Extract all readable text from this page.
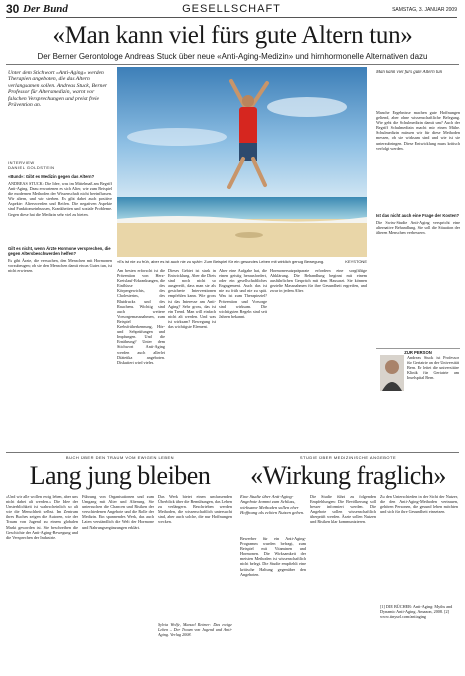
30 Der Bund	GESELLSCHAFT	SAMSTAG, 3. JANUAR 2009
«Man kann viel fürs gute Altern tun»
Der Berner Gerontologe Andreas Stuck über neue «Anti-Aging-Medizin» und hirnhormonelle Alternativen dazu
Unter dem Stichwort «Anti-Aging» werden Therapien angeboten, die das Altern verlangsamen sollen. Andreas Stuck, Berner Professor für Altersmedizin, warnt vor falschen Versprechungen und preist freie Prävention an.
INTERVIEW
DANIEL GOLDSTEIN
«Bund»: Gibt es Medizin gegen das Altern?
ANDREAS STUCK: Die Idee, was im Mittelmaß am Begriff Anti-Aging. Dazu erwartenen es sich Alter, wie zum Beispiel die modernen Methoden der Wissenschaft nicht beeinflussen. Wir altern, und wir sterben. Es gibt dabei auch positive Aspekte: Alterswerden und Reifen. Die negativen Aspekte sind Funktionseinbussen, Krankheiten und soziale Probleme. Gegen diese hat die Medizin sehr viel zu bieten.
Gilt es nicht, wenn Ärzte Hormone versprechen, die gegen Altersbeschwerden helfen?
Es gibt Ärzte, die versuchen, den Menschen mit Hormonen vorzubeugen; ob sie den Menschen damit etwas Gutes tun, ist nicht erwiesen.
«Es ist nie zu früh, aber es ist auch nie zu spät»: Zum Beispiel für ein gesundes Leben mit wirklich genug Bewegung.	KEYSTONE
Am besten erforscht ist die Prävention von Herz-Kreislauf-Erkrankungen, die Einflüsse des Körpergewichts, des Cholesterins, des Blutdrucks und des Rauchens. Wichtig sind auch weitere Vorsorgemassnahmen, zum Beispiel Krebsfrüherkennung, Hör- und Sehprüfungen und Impfungen. Und die Ernährung? Unter dem Stichwort Anti-Aging werden auch allerlei Diätetika angeboten. Diskutiert wird vieles.
Dieses Gebiet ist stark in Entwicklung. Aber die Diets sind noch nicht so ausgereift, dass man sie als gesicherte Interventionen empfehlen kann. Wie gross ist das Interesse am Anti-Aging? Sehr gross, das ist ein Trend. Man will einfach nicht alt werden. Und was ist wirksam? Bewegung ist das wichtigste Element.
Aber eine Aufgabe hat, die einen geistig herausfordert, oder ein gesellschaftliches Engagement. Auch das ist nie zu früh und nie zu spät. Was ist zum Therapieziel? Prävention und Vorsorge sind wirksam. Die wichtigsten Regeln sind seit Jahren bekannt.
Hormonersatzpräparate erfordern eine sorgfältige Abklärung. Die Behandlung beginnt mit einem ausführlichen Gespräch mit dem Hausarzt. Sie können gezielte Massnahmen für ihre Gesundheit ergreifen, und zwar in jedem Alter.
Man kann viel fürs gute Altern tun
Manche Ergebnisse machen gute Hoffnungen geltend, aber ohne wissenschaftliche Belegung. Wie geht die Schulmedizin damit um? Auch der Begriff Schulmedizin macht mir einen Mühe. Schulmedizin müssen wir für diese Methoden messen, ob sie wirksam sind und wie ist sie unterzubringen. Diese Entwicklung muss kritisch verfolgt werden.
Ist das nicht auch eine Frage der Kosten?
Die Swiss-Studie Anti-Aging verspricht eine alternative Behandlung. Sie soll die Situation der älteren Menschen verbessern.
ZUR PERSON
Andreas Stuck ist Professor für Geriatrie an der Universität Bern. Er leitet die universitäre Klinik für Geriatrie am Inselspital Bern.
BUCH ÜBER DEN TRAUM VOM EWIGEN LEBEN
Lang jung bleiben
«Und wir alle wollen ewig leben, aber uns nicht dabei alt werden.» Die Idee der Unsterblichkeit ist wahrscheinlich so alt wie die Menschheit selbst. Im Zentrum ihres Buches zeigen die Autoren, wie der Traum von Jugend zu einem globalen Markt geworden ist. Sie beschreiben die Geschichte der Anti-Aging-Bewegung und die Versprechen der Industrie.
Führung von Organisationen und zum Umgang mit Alter und Alterung. Sie untersuchen die Chancen und Risiken der verschiedenen Angebote und die Rolle der Medizin. Ein spannendes Werk, das auch Laien verständlich die Welt der Hormone und Nahrungsergänzungen erklärt.
Das Werk bietet einen umfassenden Überblick über die Bemühungen, das Leben zu verlängern. Beschrieben werden Methoden, die wissenschaftlich untersucht sind, aber auch solche, die nur Hoffnungen wecken.
Sylvia Wolfe, Manuel Reimer: Das ewige Leben – Der Traum von Jugend und Anti-Aging. Verlag 2008.
STUDIE ÜBER MEDIZINISCHE ANGEBOTE
«Wirkung fraglich»
Eine Studie über Anti-Aging-Angebote kommt zum Schluss, wirksame Methoden sollen eher Hoffnung als echten Nutzen geben.
Bewerber für ein Anti-Aging-Programm wurden befragt, zum Beispiel mit Vitaminen und Hormonen. Die Wirksamkeit der meisten Methoden ist wissenschaftlich nicht belegt. Die Studie empfiehlt eine kritische Haltung gegenüber den Angeboten.
Die Studie führt zu folgenden Empfehlungen: Die Bevölkerung soll besser informiert werden. Die Angebote sollen wissenschaftlich überprüft werden. Ärzte sollen Nutzen und Risiken klar kommunizieren.
Zu den Unterschieden in der Sicht der Nutzer, die den Anti-Aging-Methoden vertrauen, gehören Personen, die gesund leben möchten und sich für ihre Gesundheit einsetzen.
[1] DIE BÜCHER: Anti-Aging: Myths and Dynamic Anti-Aging. Amazon, 2008. [2] www.tinyurl.com/antiaging
